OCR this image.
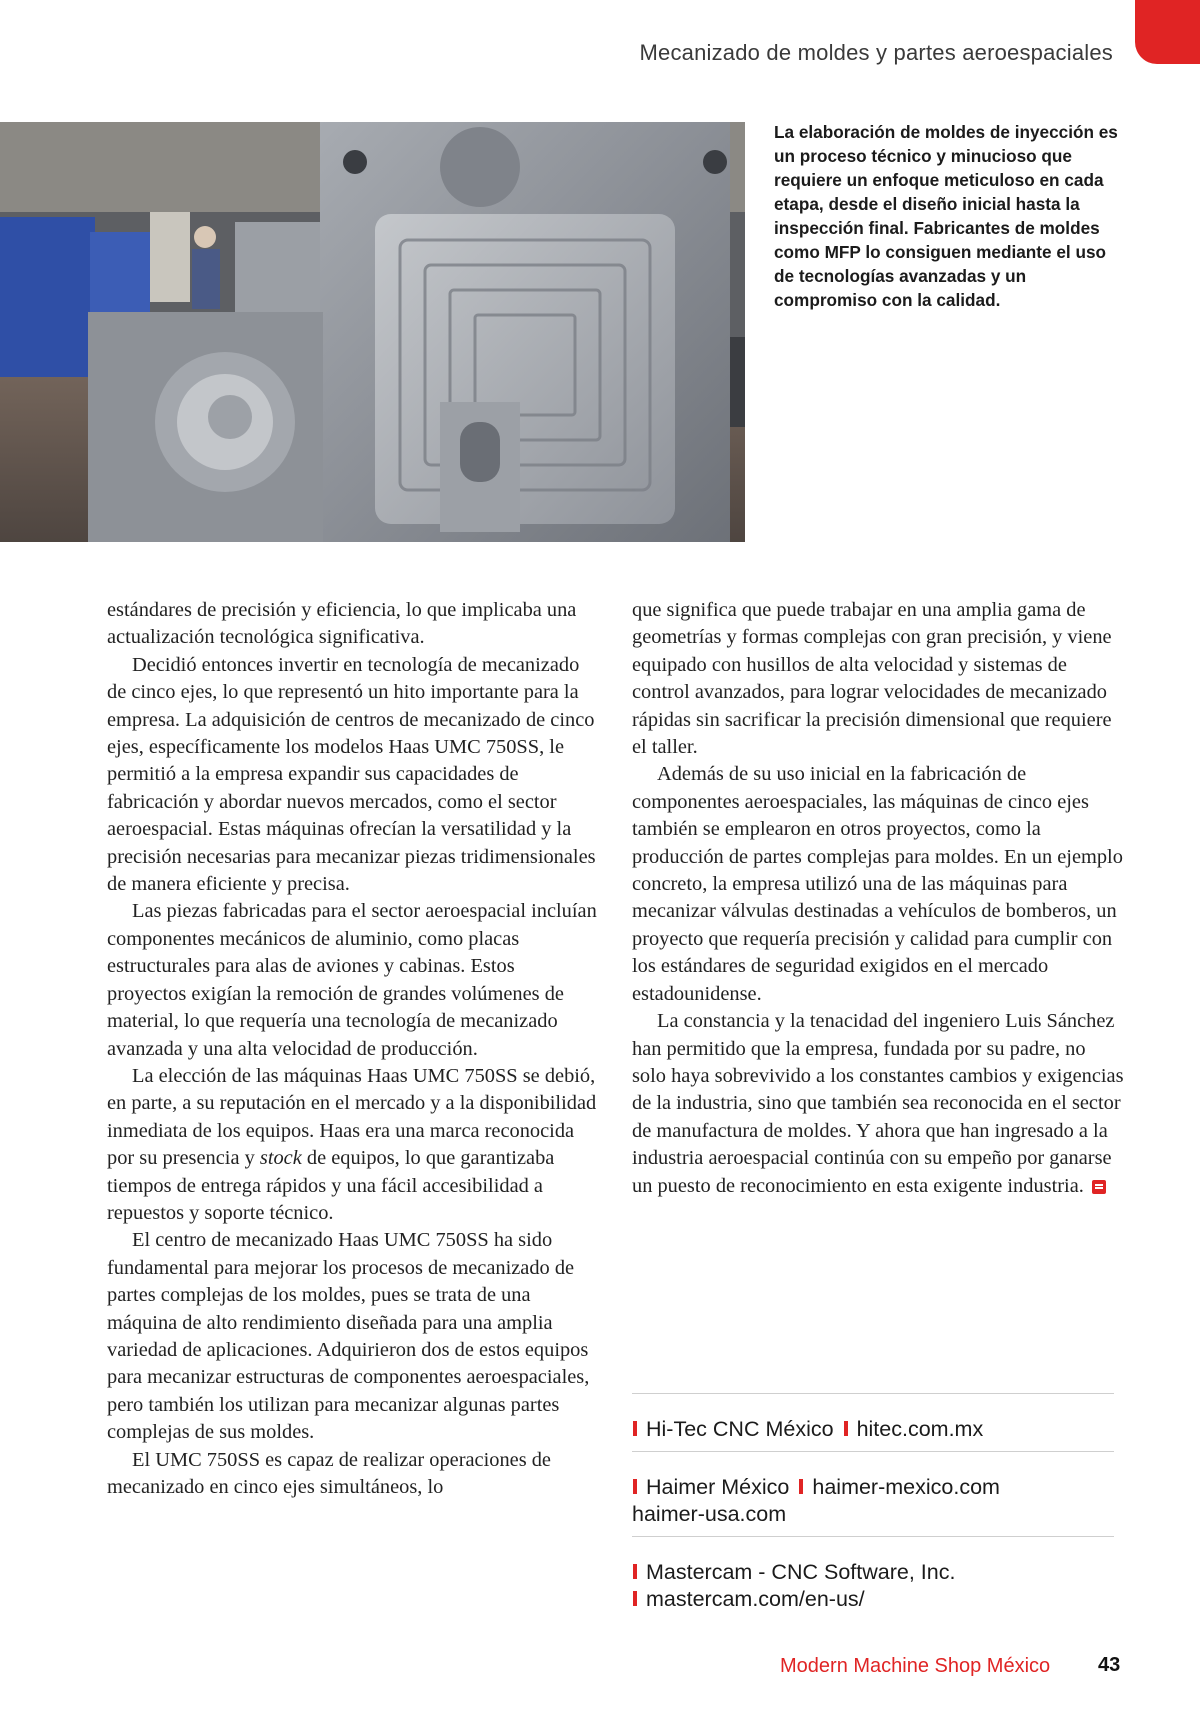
Mecanizado de moldes y partes aeroespaciales
La elaboración de moldes de inyección es un proceso técnico y minucioso que requiere un enfoque meticuloso en cada etapa, desde el diseño inicial hasta la inspección final. Fabricantes de moldes como MFP lo consiguen mediante el uso de tecnologías avanzadas y un compromiso con la calidad.

estándares de precisión y eficiencia, lo que implicaba una actualización tecnológica significativa.

Decidió entonces invertir en tecnología de mecanizado de cinco ejes, lo que representó un hito importante para la empresa. La adquisición de centros de mecanizado de cinco ejes, específicamente los modelos Haas UMC 750SS, le permitió a la empresa expandir sus capacidades de fabricación y abordar nuevos mercados, como el sector aeroespacial. Estas máquinas ofrecían la versatilidad y la precisión necesarias para mecanizar piezas tridimensionales de manera eficiente y precisa.

Las piezas fabricadas para el sector aeroespacial incluían componentes mecánicos de aluminio, como placas estructurales para alas de aviones y cabinas. Estos proyectos exigían la remoción de grandes volúmenes de material, lo que requería una tecnología de mecanizado avanzada y una alta velocidad de producción.

La elección de las máquinas Haas UMC 750SS se debió, en parte, a su reputación en el mercado y a la disponibilidad inmediata de los equipos. Haas era una marca reconocida por su presencia y stock de equipos, lo que garantizaba tiempos de entrega rápidos y una fácil accesibilidad a repuestos y soporte técnico.

El centro de mecanizado Haas UMC 750SS ha sido fundamental para mejorar los procesos de mecanizado de partes complejas de los moldes, pues se trata de una máquina de alto rendimiento diseñada para una amplia variedad de aplicaciones. Adquirieron dos de estos equipos para mecanizar estructuras de componentes aeroespaciales, pero también los utilizan para mecanizar algunas partes complejas de sus moldes.

El UMC 750SS es capaz de realizar operaciones de mecanizado en cinco ejes simultáneos, lo

que significa que puede trabajar en una amplia gama de geometrías y formas complejas con gran precisión, y viene equipado con husillos de alta velocidad y sistemas de control avanzados, para lograr velocidades de mecanizado rápidas sin sacrificar la precisión dimensional que requiere el taller.

Además de su uso inicial en la fabricación de componentes aeroespaciales, las máquinas de cinco ejes también se emplearon en otros proyectos, como la producción de partes complejas para moldes. En un ejemplo concreto, la empresa utilizó una de las máquinas para mecanizar válvulas destinadas a vehículos de bomberos, un proyecto que requería precisión y calidad para cumplir con los estándares de seguridad exigidos en el mercado estadounidense.

La constancia y la tenacidad del ingeniero Luis Sánchez han permitido que la empresa, fundada por su padre, no solo haya sobrevivido a los constantes cambios y exigencias de la industria, sino que también sea reconocida en el sector de manufactura de moldes. Y ahora que han ingresado a la industria aeroespacial continúa con su empeño por ganarse un puesto de reconocimiento en esta exigente industria.

Hi-Tec CNC México hitec.com.mx
Haimer México haimer-mexico.com
haimer-usa.com
Mastercam - CNC Software, Inc.
mastercam.com/en-us/
Modern Machine Shop México 43
